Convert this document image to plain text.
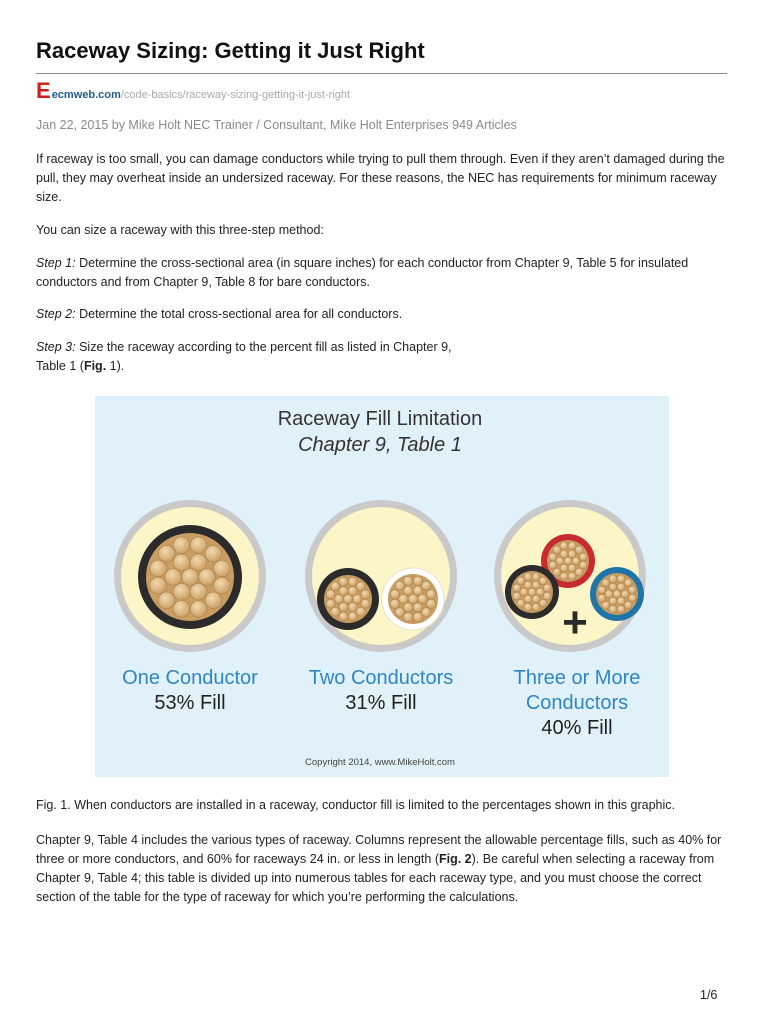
Raceway Sizing: Getting it Just Right
E ecmweb.com /code-basics/raceway-sizing-getting-it-just-right
Jan 22, 2015 by Mike Holt NEC Trainer / Consultant, Mike Holt Enterprises 949 Articles

If raceway is too small, you can damage conductors while trying to pull them through. Even if they aren’t damaged during the pull, they may overheat inside an undersized raceway. For these reasons, the NEC has requirements for minimum raceway size.

You can size a raceway with this three-step method:

Step 1: Determine the cross-sectional area (in square inches) for each conductor from Chapter 9, Table 5 for insulated conductors and from Chapter 9, Table 8 for bare conductors.

Step 2: Determine the total cross-sectional area for all conductors.

Step 3: Size the raceway according to the percent fill as listed in Chapter 9,
Table 1 (Fig. 1).

Raceway Fill Limitation
Chapter 9, Table 1
+
One Conductor
53% Fill
Two Conductors
31% Fill
Three or More
Conductors
40% Fill
Copyright 2014, www.MikeHolt.com
Fig. 1. When conductors are installed in a raceway, conductor fill is limited to the percentages shown in this graphic.

Chapter 9, Table 4 includes the various types of raceway. Columns represent the allowable percentage fills, such as 40% for three or more conductors, and 60% for raceways 24 in. or less in length (Fig. 2). Be careful when selecting a raceway from Chapter 9, Table 4; this table is divided up into numerous tables for each raceway type, and you must choose the correct section of the table for the type of raceway for which you’re performing the calculations.

1/6
